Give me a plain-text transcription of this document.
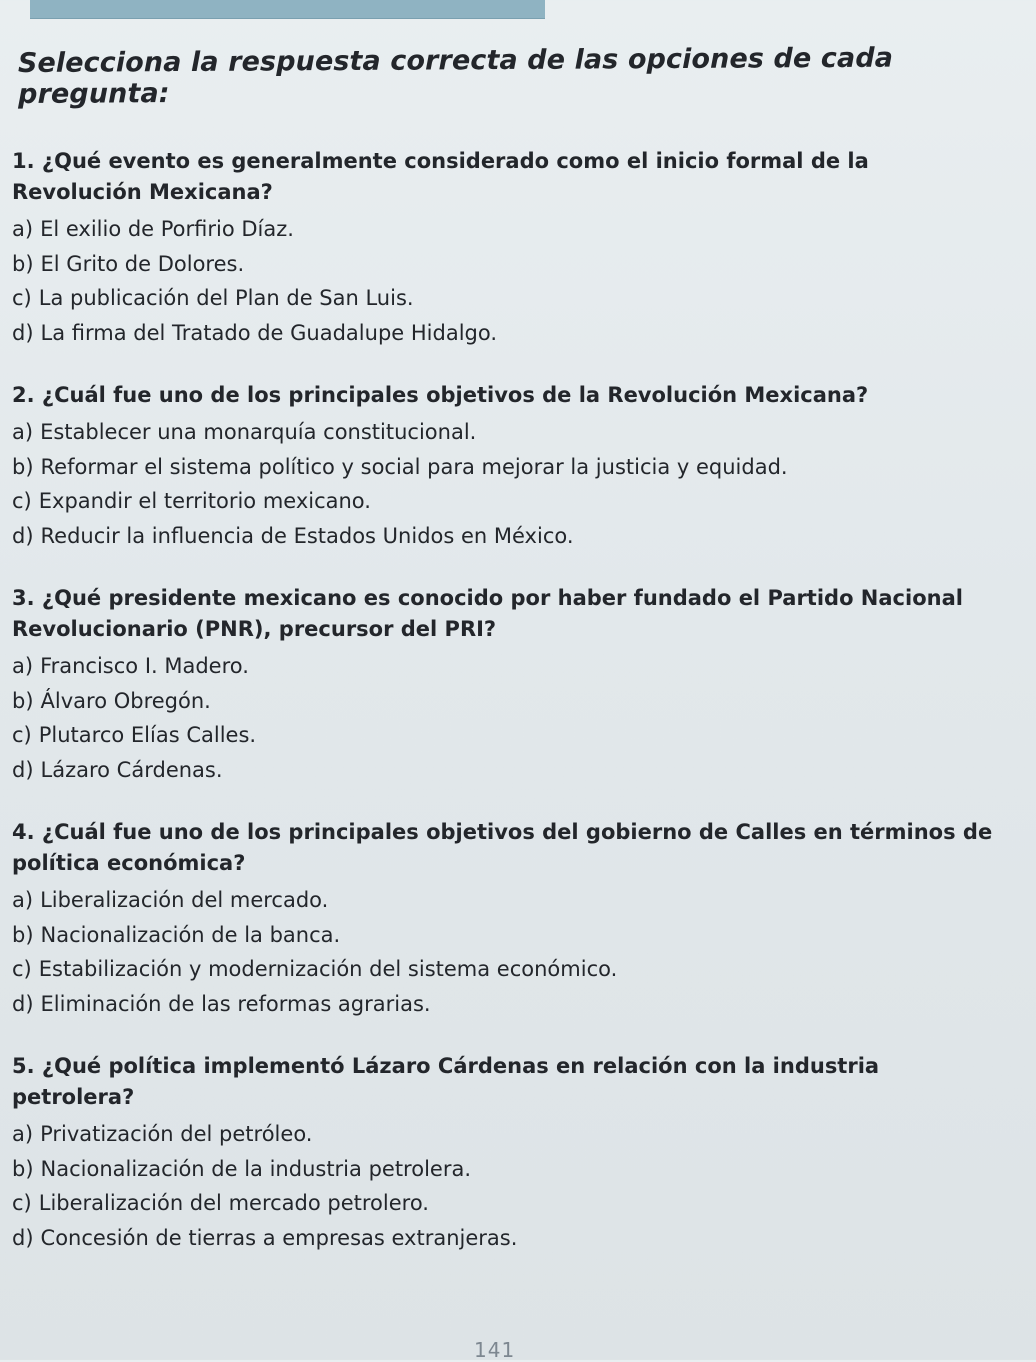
Selecciona la respuesta correcta de las opciones de cada pregunta:
1. ¿Qué evento es generalmente considerado como el inicio formal de la Revolución Mexicana?
a) El exilio de Porfirio Díaz.
b) El Grito de Dolores.
c) La publicación del Plan de San Luis.
d) La firma del Tratado de Guadalupe Hidalgo.
2. ¿Cuál fue uno de los principales objetivos de la Revolución Mexicana?
a) Establecer una monarquía constitucional.
b) Reformar el sistema político y social para mejorar la justicia y equidad.
c) Expandir el territorio mexicano.
d) Reducir la influencia de Estados Unidos en México.
3. ¿Qué presidente mexicano es conocido por haber fundado el Partido Nacional Revolucionario (PNR), precursor del PRI?
a) Francisco I. Madero.
b) Álvaro Obregón.
c) Plutarco Elías Calles.
d) Lázaro Cárdenas.
4. ¿Cuál fue uno de los principales objetivos del gobierno de Calles en términos de política económica?
a) Liberalización del mercado.
b) Nacionalización de la banca.
c) Estabilización y modernización del sistema económico.
d) Eliminación de las reformas agrarias.
5. ¿Qué política implementó Lázaro Cárdenas en relación con la industria petrolera?
a) Privatización del petróleo.
b) Nacionalización de la industria petrolera.
c) Liberalización del mercado petrolero.
d) Concesión de tierras a empresas extranjeras.
141
